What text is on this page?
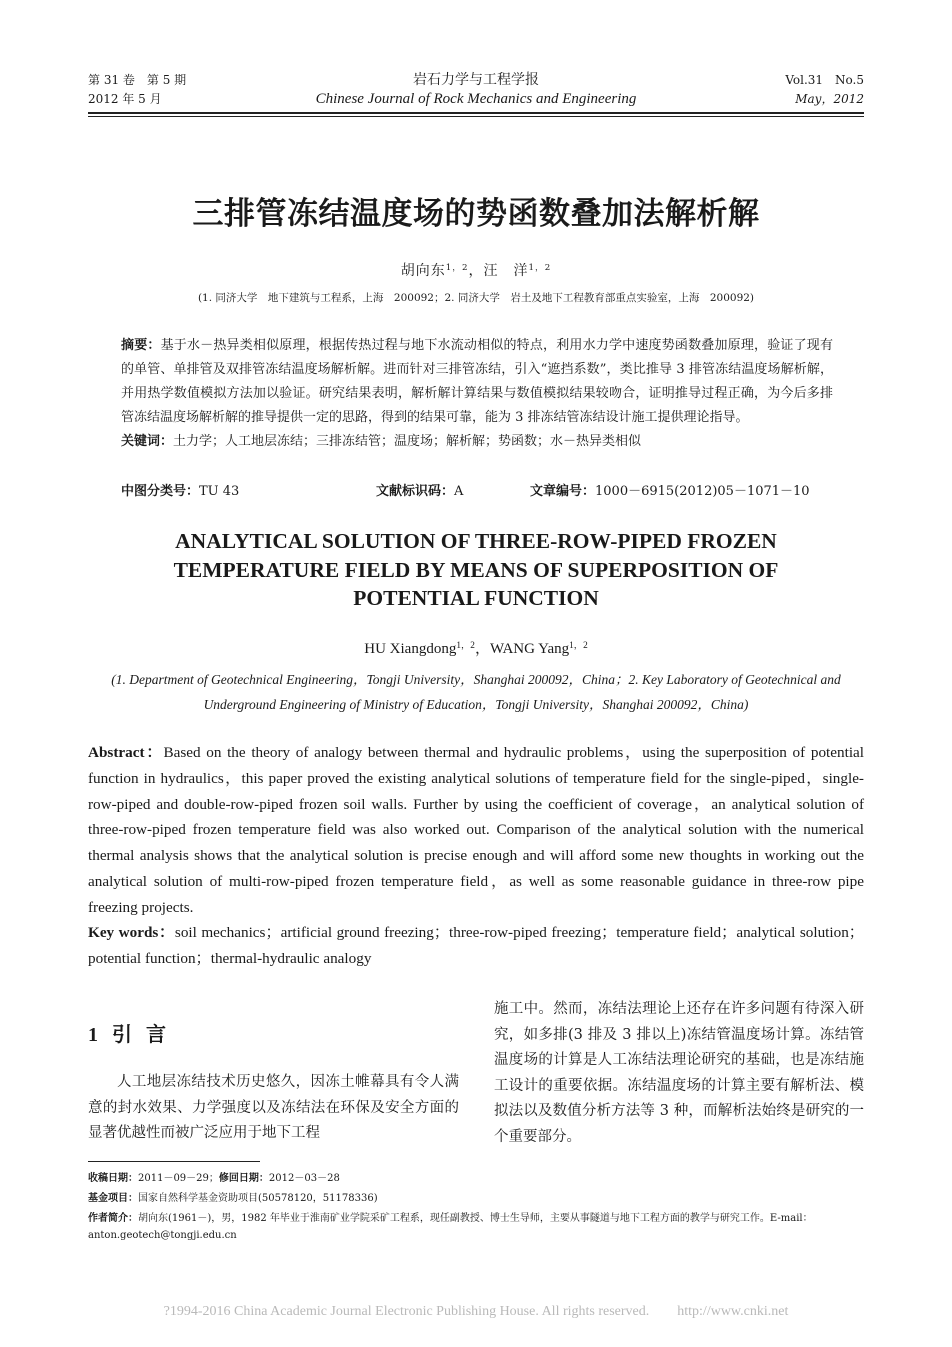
第 31 卷　第 5 期
2012 年 5 月
岩石力学与工程学报
Chinese Journal of Rock Mechanics and Engineering
Vol.31　No.5
May，2012
三排管冻结温度场的势函数叠加法解析解
胡向东$^{1,2}$，汪　洋$^{1,2}$
(1. 同济大学　地下建筑与工程系，上海　200092；2. 同济大学　岩土及地下工程教育部重点实验室，上海　200092)
摘要：基于水－热异类相似原理，根据传热过程与地下水流动相似的特点，利用水力学中速度势函数叠加原理，验证了现有的单管、单排管及双排管冻结温度场解析解。进而针对三排管冻结，引入“遮挡系数”，类比推导 3 排管冻结温度场解析解，并用热学数值模拟方法加以验证。研究结果表明，解析解计算结果与数值模拟结果较吻合，证明推导过程正确，为今后多排管冻结温度场解析解的推导提供一定的思路，得到的结果可靠，能为 3 排冻结管冻结设计施工提供理论指导。
关键词：土力学；人工地层冻结；三排冻结管；温度场；解析解；势函数；水－热异类相似
中图分类号：TU 43	文献标识码：A	文章编号：1000－6915(2012)05－1071－10
ANALYTICAL SOLUTION OF THREE-ROW-PIPED FROZEN
TEMPERATURE FIELD BY MEANS OF SUPERPOSITION OF
POTENTIAL FUNCTION
HU Xiangdong$^{1,2}$，WANG Yang$^{1,2}$
(1. Department of Geotechnical Engineering，Tongji University，Shanghai 200092，China；2. Key Laboratory of Geotechnical and
Underground Engineering of Ministry of Education，Tongji University，Shanghai 200092，China)
Abstract：Based on the theory of analogy between thermal and hydraulic problems，using the superposition of potential function in hydraulics，this paper proved the existing analytical solutions of temperature field for the single-piped，single-row-piped and double-row-piped frozen soil walls. Further by using the coefficient of coverage，an analytical solution of three-row-piped frozen temperature field was also worked out. Comparison of the analytical solution with the numerical thermal analysis shows that the analytical solution is precise enough and will afford some new thoughts in working out the analytical solution of multi-row-piped frozen temperature field，as well as some reasonable guidance in three-row pipe freezing projects.
Key words：soil mechanics；artificial ground freezing；three-row-piped freezing；temperature field；analytical solution；potential function；thermal-hydraulic analogy
1 引言
人工地层冻结技术历史悠久，因冻土帷幕具有令人满意的封水效果、力学强度以及冻结法在环保及安全方面的显著优越性而被广泛应用于地下工程
施工中。然而，冻结法理论上还存在许多问题有待深入研究，如多排(3 排及 3 排以上)冻结管温度场计算。冻结管温度场的计算是人工冻结法理论研究的基础，也是冻结施工设计的重要依据。冻结温度场的计算主要有解析法、模拟法以及数值分析方法等 3 种，而解析法始终是研究的一个重要部分。
收稿日期：2011－09－29；修回日期：2012－03－28
基金项目：国家自然科学基金资助项目(50578120，51178336)
作者简介：胡向东(1961－)，男，1982 年毕业于淮南矿业学院采矿工程系，现任副教授、博士生导师，主要从事隧道与地下工程方面的教学与研究工作。E-mail：anton.geotech@tongji.edu.cn
?1994-2016 China Academic Journal Electronic Publishing House. All rights reserved.　　http://www.cnki.net
